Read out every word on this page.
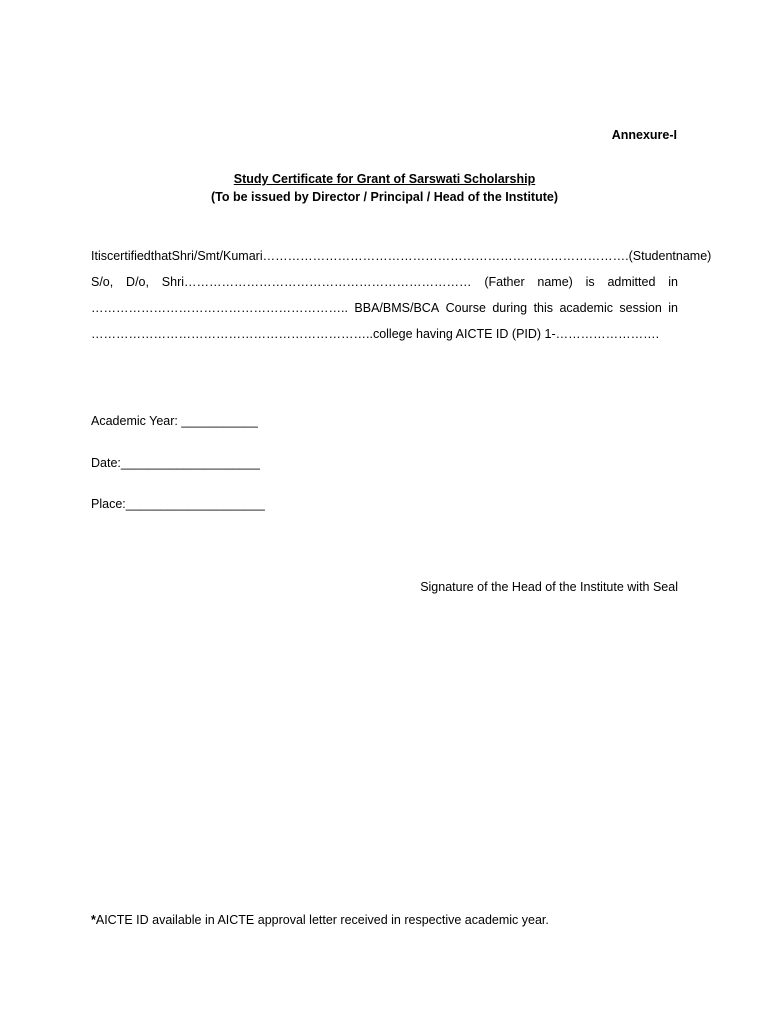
Annexure-I
Study Certificate for Grant of Sarswati Scholarship
(To be issued by Director / Principal / Head of the Institute)
It is certified that Shri/Smt/Kumari ……………………………………………………………………………. (Student name)
S/o, D/o, Shri…………………………………………………………… (Father name) is admitted in
…………………………………………………….. BBA/BMS/BCA Course during this academic session in
…………………………………………………………..college having AICTE ID (PID) 1-…………………….
Academic Year: ___________
Date:____________________
Place:____________________
Signature of the Head of the Institute with Seal
*AICTE ID available in AICTE approval letter received in respective academic year.
